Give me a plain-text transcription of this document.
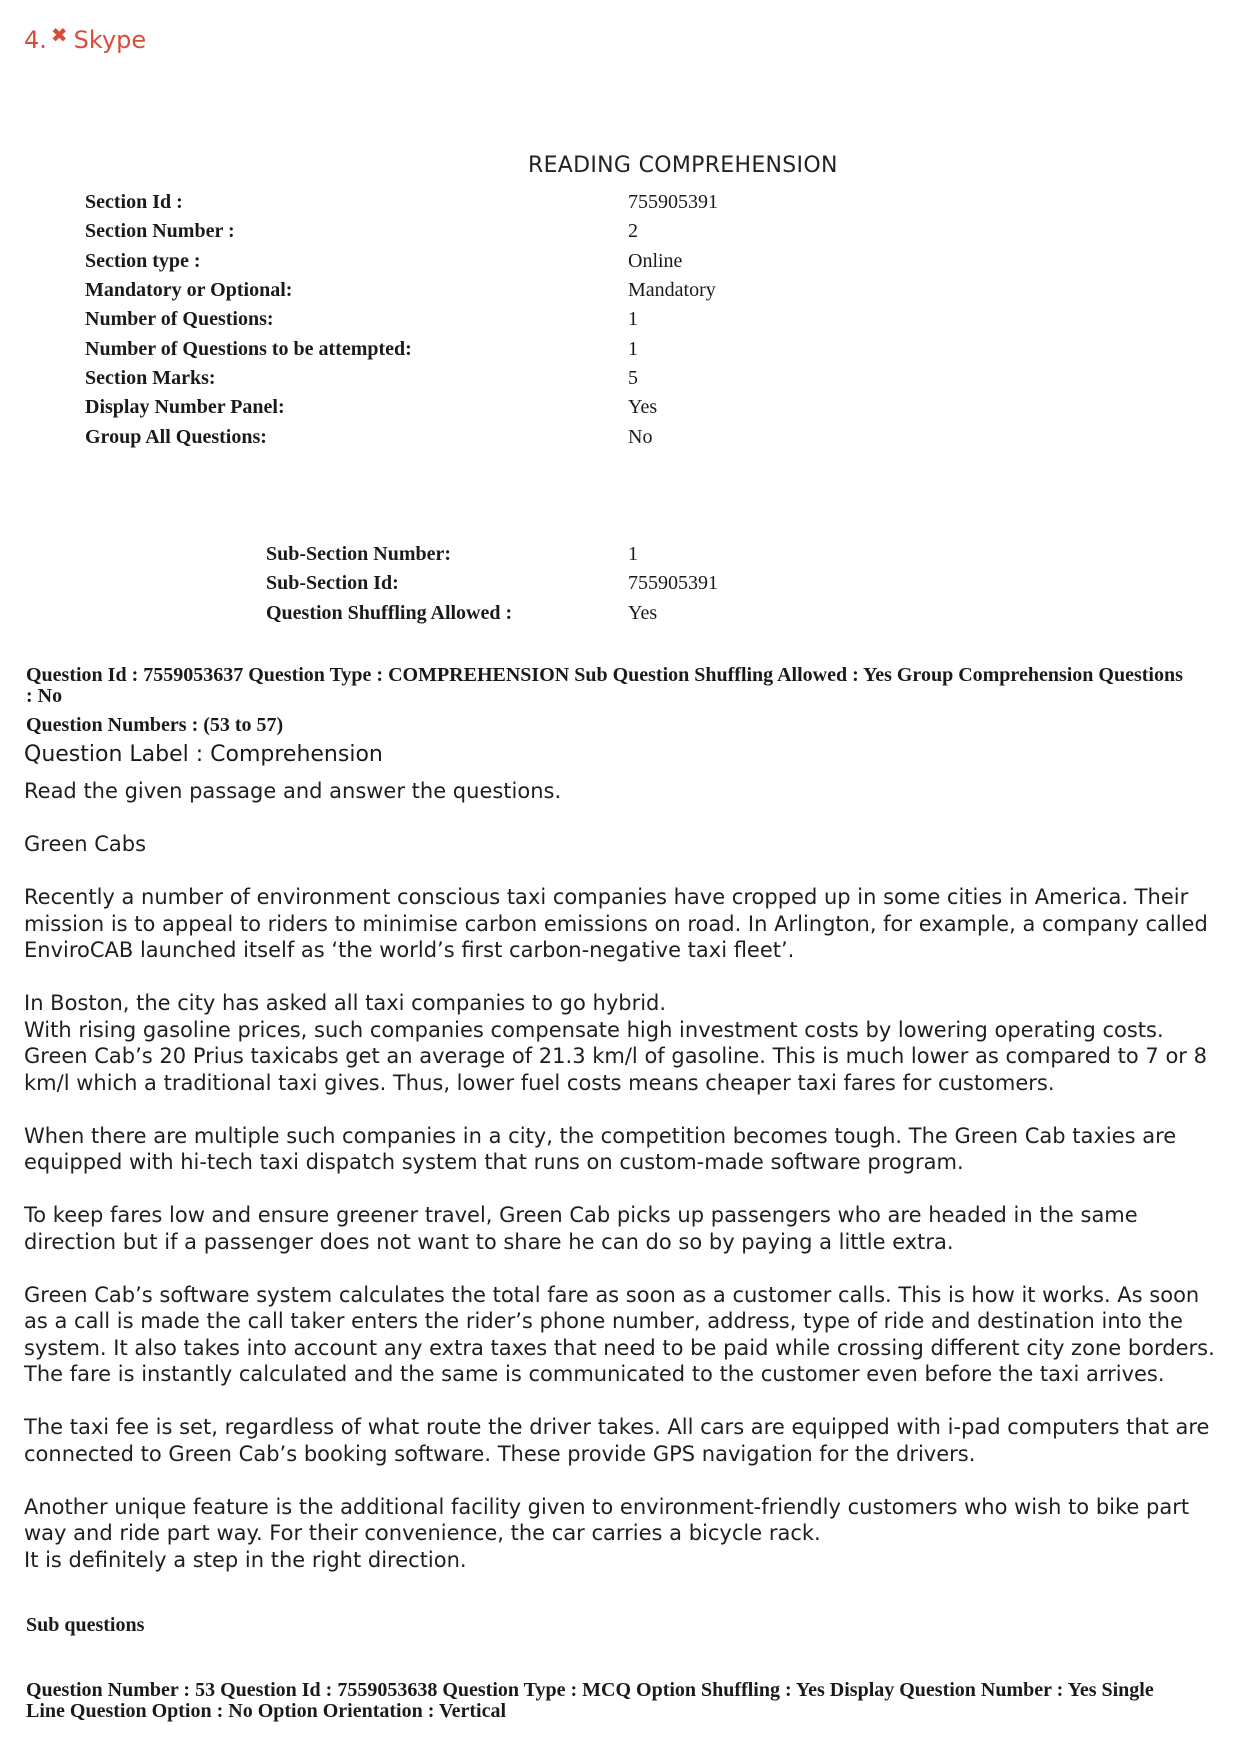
4. ✖ Skype
READING COMPREHENSION
Section Id :	755905391
Section Number :	2
Section type :	Online
Mandatory or Optional:	Mandatory
Number of Questions:	1
Number of Questions to be attempted:	1
Section Marks:	5
Display Number Panel:	Yes
Group All Questions:	No
Sub-Section Number:	1
Sub-Section Id:	755905391
Question Shuffling Allowed :	Yes
Question Id : 7559053637 Question Type : COMPREHENSION Sub Question Shuffling Allowed : Yes Group Comprehension Questions : No
Question Numbers : (53 to 57)
Question Label : Comprehension

Read the given passage and answer the questions.

Green Cabs

Recently a number of environment conscious taxi companies have cropped up in some cities in America. Their mission is to appeal to riders to minimise carbon emissions on road. In Arlington, for example, a company called EnviroCAB launched itself as ‘the world’s first carbon-negative taxi fleet’.

In Boston, the city has asked all taxi companies to go hybrid.

With rising gasoline prices, such companies compensate high investment costs by lowering operating costs. Green Cab’s 20 Prius taxicabs get an average of 21.3 km/l of gasoline. This is much lower as compared to 7 or 8 km/l which a traditional taxi gives. Thus, lower fuel costs means cheaper taxi fares for customers.

When there are multiple such companies in a city, the competition becomes tough. The Green Cab taxies are equipped with hi-tech taxi dispatch system that runs on custom-made software program.

To keep fares low and ensure greener travel, Green Cab picks up passengers who are headed in the same direction but if a passenger does not want to share he can do so by paying a little extra.

Green Cab’s software system calculates the total fare as soon as a customer calls. This is how it works. As soon as a call is made the call taker enters the rider’s phone number, address, type of ride and destination into the system. It also takes into account any extra taxes that need to be paid while crossing different city zone borders. The fare is instantly calculated and the same is communicated to the customer even before the taxi arrives.

The taxi fee is set, regardless of what route the driver takes. All cars are equipped with i-pad computers that are connected to Green Cab’s booking software. These provide GPS navigation for the drivers.

Another unique feature is the additional facility given to environment-friendly customers who wish to bike part way and ride part way. For their convenience, the car carries a bicycle rack.

It is definitely a step in the right direction.

Sub questions
Question Number : 53 Question Id : 7559053638 Question Type : MCQ Option Shuffling : Yes Display Question Number : Yes Single Line Question Option : No Option Orientation : Vertical
